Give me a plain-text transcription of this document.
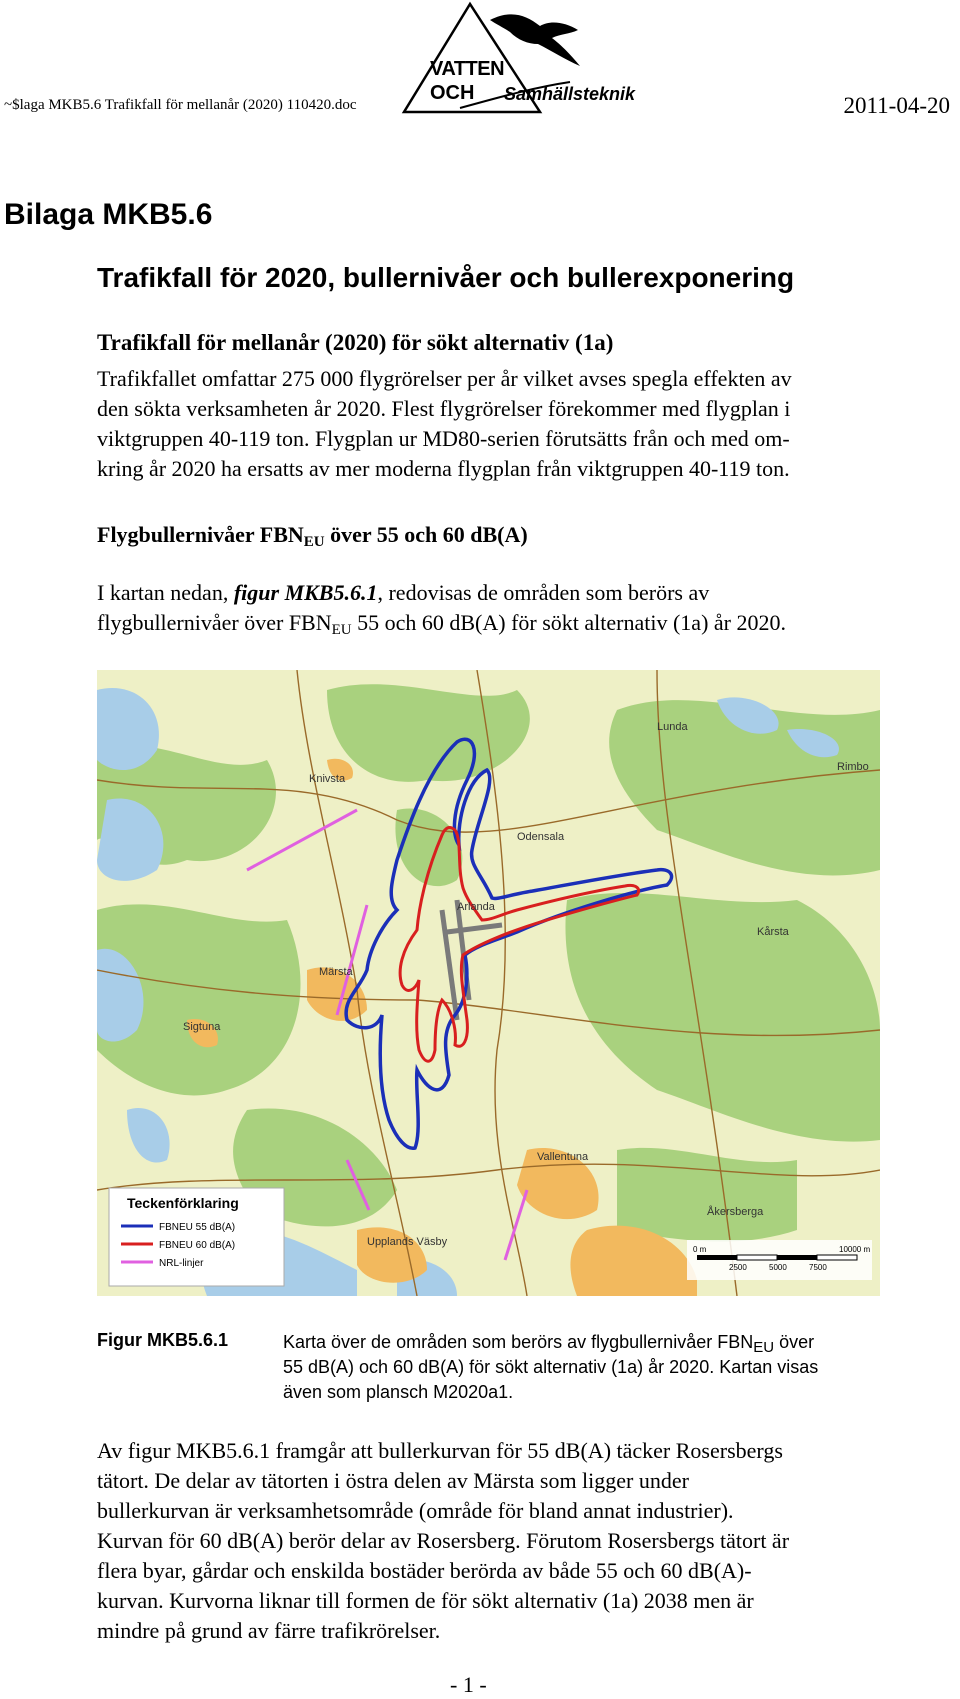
~$laga MKB5.6 Trafikfall för mellanår (2020) 110420.doc
VATTEN
OCH Samhällsteknik	2011-04-20
Bilaga MKB5.6
Trafikfall för 2020, bullernivåer och bullerexponering
Trafikfall för mellanår (2020) för sökt alternativ (1a)
Trafikfallet omfattar 275 000 flygrörelser per år vilket avses spegla effekten av
den sökta verksamheten år 2020. Flest flygrörelser förekommer med flygplan i
viktgruppen 40-119 ton. Flygplan ur MD80-serien förutsätts från och med om-
kring år 2020 ha ersatts av mer moderna flygplan från viktgruppen 40-119 ton.
Flygbullernivåer $FBN_{EU}$ över 55 och 60 dB(A)
I kartan nedan, figur MKB5.6.1, redovisas de områden som berörs av
flygbullernivåer över $FBN_{EU}$ 55 och 60 dB(A) för sökt alternativ (1a) år 2020.
Knivsta
Märsta
Sigtuna
Arlanda
Rimbo
Kårsta
Vallentuna
Åkersberga
Upplands Väsby
Lunda
Odensala
Teckenförklaring
FBNEU 55 dB(A)
FBNEU 60 dB(A)
NRL-linjer
0 m
2500	5000	7500
10000 m
Figur MKB5.6.1	Karta över de områden som berörs av flygbullernivåer $FBN_{EU}$ över
55 dB(A) och 60 dB(A) för sökt alternativ (1a) år 2020. Kartan visas
även som plansch M2020a1.
Av figur MKB5.6.1 framgår att bullerkurvan för 55 dB(A) täcker Rosersbergs
tätort. De delar av tätorten i östra delen av Märsta som ligger under
bullerkurvan är verksamhetsområde (område för bland annat industrier).
Kurvan för 60 dB(A) berör delar av Rosersberg. Förutom Rosersbergs tätort är
flera byar, gårdar och enskilda bostäder berörda av både 55 och 60 dB(A)-
kurvan. Kurvorna liknar till formen de för sökt alternativ (1a) 2038 men är
mindre på grund av färre trafikrörelser.
- 1 -
